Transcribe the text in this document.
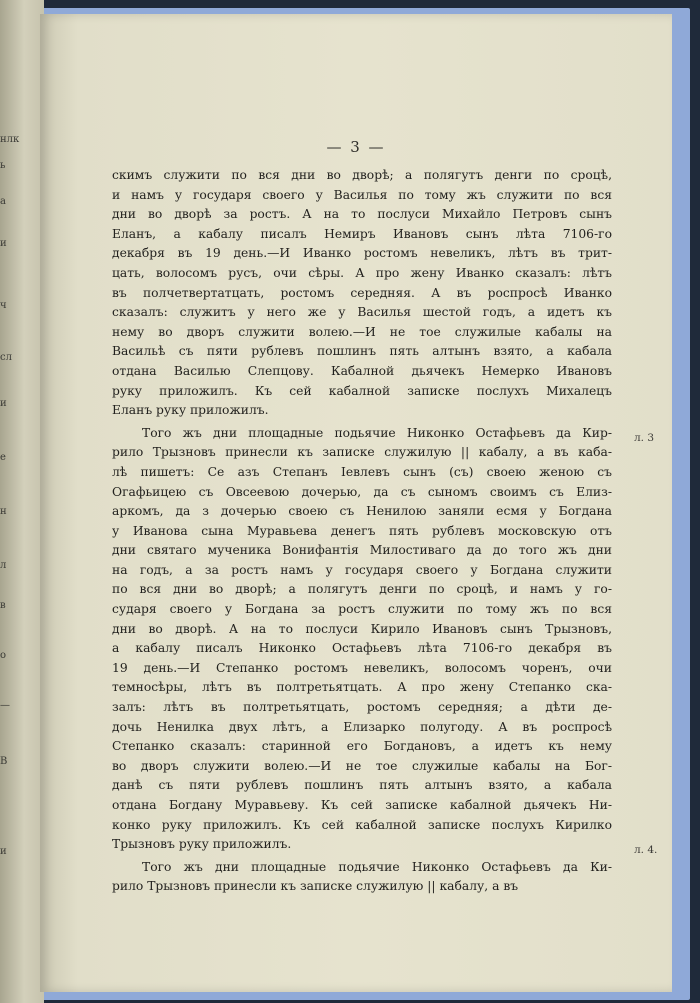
нлк
ь
а
и
ч
сл
и
е
н
л
в
о
—
В
и
— 3 —
скимъ служити по вся дни во дворѣ; а полягутъ денги по сроцѣ,
и намъ у государя своего у Василья по тому жъ служити по вся
дни во дворѣ за ростъ. А на то послуси Михайло Петровъ сынъ
Еланъ, а кабалу писалъ Немиръ Ивановъ сынъ лѣта 7106-го
декабря въ 19 день.—И Иванко ростомъ невеликъ, лѣтъ въ трит-
цать, волосомъ русъ, очи сѣры. А про жену Иванко сказалъ: лѣтъ
въ полчетвертатцать, ростомъ середняя. А въ роспросѣ Иванко
сказалъ: служитъ у него же у Василья шестой годъ, а идетъ къ
нему во дворъ служити волею.—И не тое служилые кабалы на
Васильѣ съ пяти рублевъ пошлинъ пять алтынъ взято, а кабала
отдана Василью Слепцову. Кабалной дьячекъ Немерко Ивановъ
руку приложилъ. Къ сей кабалной записке послухъ Михалецъ
Еланъ руку приложилъ.
Того жъ дни площадные подьячие Никонко Остафьевъ да Кир-
рило Трызновъ принесли къ записке служилую || кабалу, а въ каба-
лѣ пишетъ: Се азъ Степанъ Іевлевъ сынъ (съ) своею женою съ
Огафьицею съ Овсеевою дочерью, да съ сыномъ своимъ съ Елиз-
аркомъ, да з дочерью своею съ Ненилою заняли есмя у Богдана
у Иванова сына Муравьева денегъ пять рублевъ московскую отъ
дни святаго мученика Вонифантія Милостиваго да до того жъ дни
на годъ, а за ростъ намъ у государя своего у Богдана служити
по вся дни во дворѣ; а полягутъ денги по сроцѣ, и намъ у го-
сударя своего у Богдана за ростъ служити по тому жъ по вся
дни во дворѣ. А на то послуси Кирило Ивановъ сынъ Трызновъ,
а кабалу писалъ Никонко Остафьевъ лѣта 7106-го декабря въ
19 день.—И Степанко ростомъ невеликъ, волосомъ чоренъ, очи
темносѣры, лѣтъ въ полтретьятцать. А про жену Степанко ска-
залъ: лѣтъ въ полтретьятцать, ростомъ середняя; а дѣти де-
дочь Ненилка двух лѣтъ, а Елизарко полугоду. А въ роспросѣ
Степанко сказалъ: старинной его Богдановъ, а идетъ къ нему
во дворъ служити волею.—И не тое служилые кабалы на Бог-
данѣ съ пяти рублевъ пошлинъ пять алтынъ взято, а кабала
отдана Богдану Муравьеву. Къ сей записке кабалной дьячекъ Ни-
конко руку приложилъ. Къ сей кабалной записке послухъ Кирилко
Трызновъ руку приложилъ.
Того жъ дни площадные подьячие Никонко Остафьевъ да Ки-
рило Трызновъ принесли къ записке служилую || кабалу, а въ
л. 3
л. 4.
